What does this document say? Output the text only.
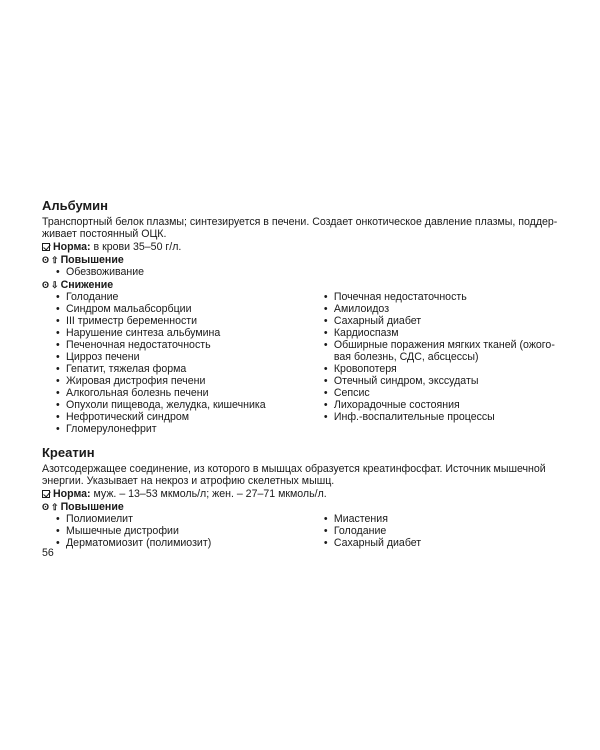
Альбумин

Транспортный белок плазмы; синтезируется в печени. Создает онкотическое давление плазмы, поддер-живает постоянный ОЦК.

Норма: в крови 35–50 г/л.

ʘ ⇧ Повышение

• Обезвоживание

ʘ ⇩ Снижение

• Голодание
• Синдром мальабсорбции
• III триместр беременности
• Нарушение синтеза альбумина
• Печеночная недостаточность
• Цирроз печени
• Гепатит, тяжелая форма
• Жировая дистрофия печени
• Алкогольная болезнь печени
• Опухоли пищевода, желудка, кишечника
• Нефротический синдром
• Гломерулонефрит
• Почечная недостаточность
• Амилоидоз
• Сахарный диабет
• Кардиоспазм
• Обширные поражения мягких тканей (ожого-вая болезнь, СДС, абсцессы)
• Кровопотеря
• Отечный синдром, экссудаты
• Сепсис
• Лихорадочные состояния
• Инф.-воспалительные процессы

Креатин

Азотсодержащее соединение, из которого в мышцах образуется креатинфосфат. Источник мышечной энергии. Указывает на некроз и атрофию скелетных мышц.

Норма: муж. – 13–53 мкмоль/л; жен. – 27–71 мкмоль/л.

ʘ ⇧ Повышение

• Полиомиелит
• Мышечные дистрофии
• Дерматомиозит (полимиозит)
• Миастения
• Голодание
• Сахарный диабет
56
